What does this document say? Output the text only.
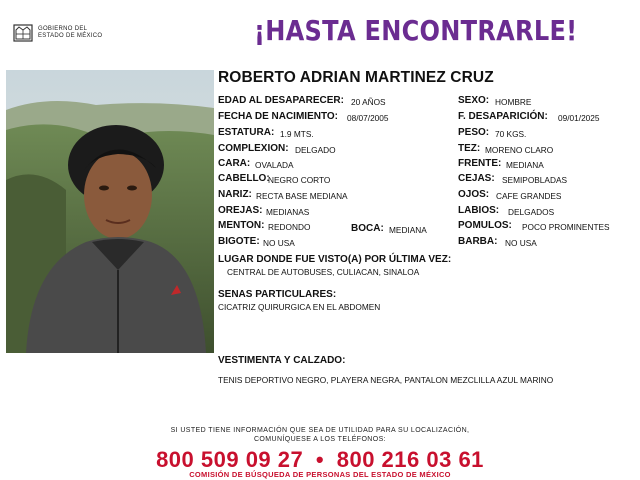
GOBIERNO DEL
ESTADO DE MÉXICO	¡HASTA ENCONTRARLE!
ROBERTO ADRIAN MARTINEZ CRUZ
EDAD AL DESAPARECER: 20 AÑOS
FECHA DE NACIMIENTO: 08/07/2005
ESTATURA: 1.9 MTS.
COMPLEXION: DELGADO
CARA: OVALADA
CABELLO:
NEGRO CORTO
NARIZ: RECTA BASE MEDIANA
OREJAS: MEDIANAS
MENTON: REDONDO	BOCA: MEDIANA
BIGOTE: NO USA
SEXO: HOMBRE
F. DESAPARICIÓN: 09/01/2025
PESO: 70 KGS.
TEZ: MORENO CLARO
FRENTE: MEDIANA
CEJAS: SEMIPOBLADAS
OJOS: CAFE GRANDES
LABIOS: DELGADOS
POMULOS: POCO PROMINENTES
BARBA: NO USA
LUGAR DONDE FUE VISTO(A) POR ÚLTIMA VEZ:
CENTRAL DE AUTOBUSES, CULIACAN, SINALOA
SENAS PARTICULARES:
CICATRIZ QUIRURGICA EN EL ABDOMEN
VESTIMENTA Y CALZADO:
TENIS DEPORTIVO NEGRO, PLAYERA NEGRA, PANTALON MEZCLILLA AZUL MARINO
SI USTED TIENE INFORMACIÓN QUE SEA DE UTILIDAD PARA SU LOCALIZACIÓN,
COMUNÍQUESE A LOS TELÉFONOS:
800 509 09 27 • 800 216 03 61
COMISIÓN DE BÚSQUEDA DE PERSONAS DEL ESTADO DE MÉXICO
